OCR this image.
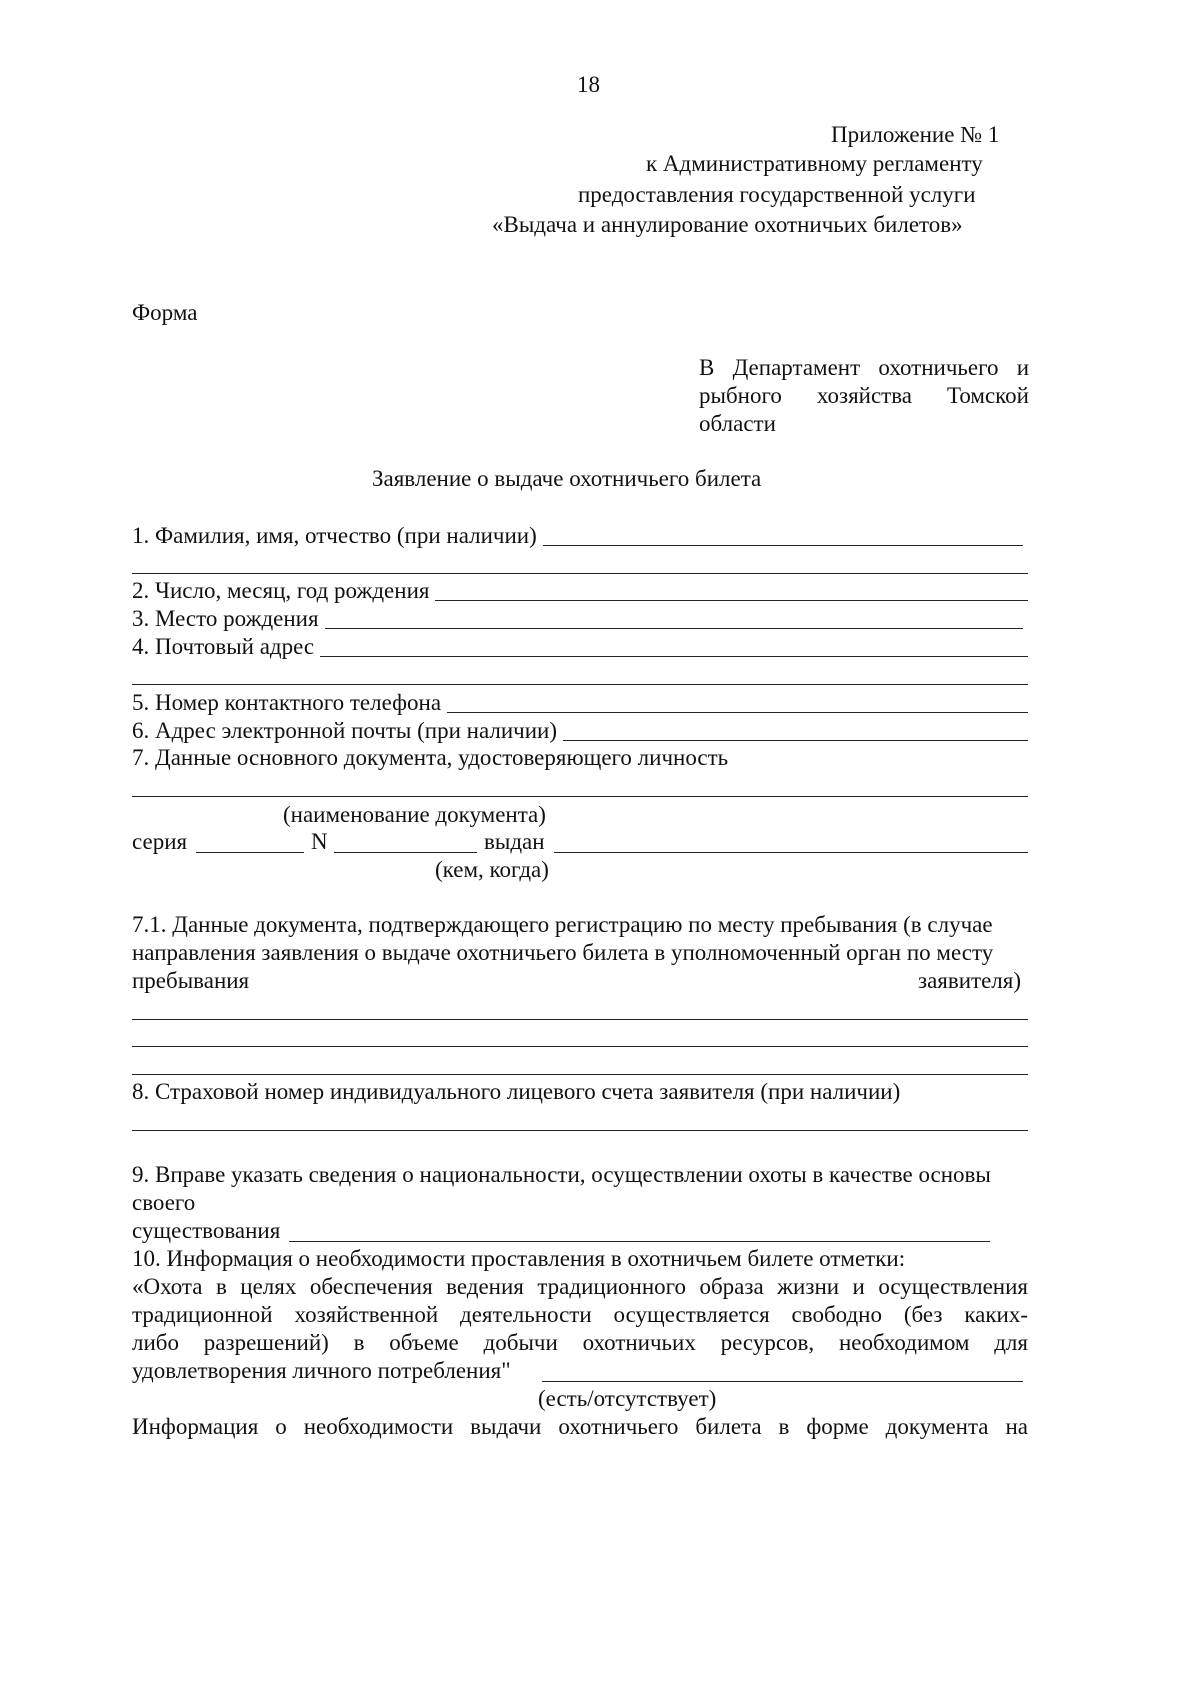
18
Приложение № 1
к Административному регламенту
предоставления государственной услуги
«Выдача и аннулирование охотничьих билетов»
Форма
В Департамент охотничьего и
рыбного хозяйства Томской
области
Заявление о выдаче охотничьего билета
1. Фамилия, имя, отчество (при наличии)
2. Число, месяц, год рождения
3. Место рождения
4. Почтовый адрес
5. Номер контактного телефона
6. Адрес электронной почты (при наличии)
7. Данные основного документа, удостоверяющего личность
(наименование документа)
серия	N	выдан
(кем, когда)
7.1. Данные документа, подтверждающего регистрацию по месту пребывания (в случае
направления заявления о выдаче охотничьего билета в уполномоченный орган по месту
пребывания	заявителя)
8. Страховой номер индивидуального лицевого счета заявителя (при наличии)
9. Вправе указать сведения о национальности, осуществлении охоты в качестве основы
своего
существования
10. Информация о необходимости проставления в охотничьем билете отметки:
«Охота в целях обеспечения ведения традиционного образа жизни и осуществления
традиционной хозяйственной деятельности осуществляется свободно (без каких-
либо разрешений) в объеме добычи охотничьих ресурсов, необходимом для
удовлетворения личного потребления"
(есть/отсутствует)
Информация о необходимости выдачи охотничьего билета в форме документа на
